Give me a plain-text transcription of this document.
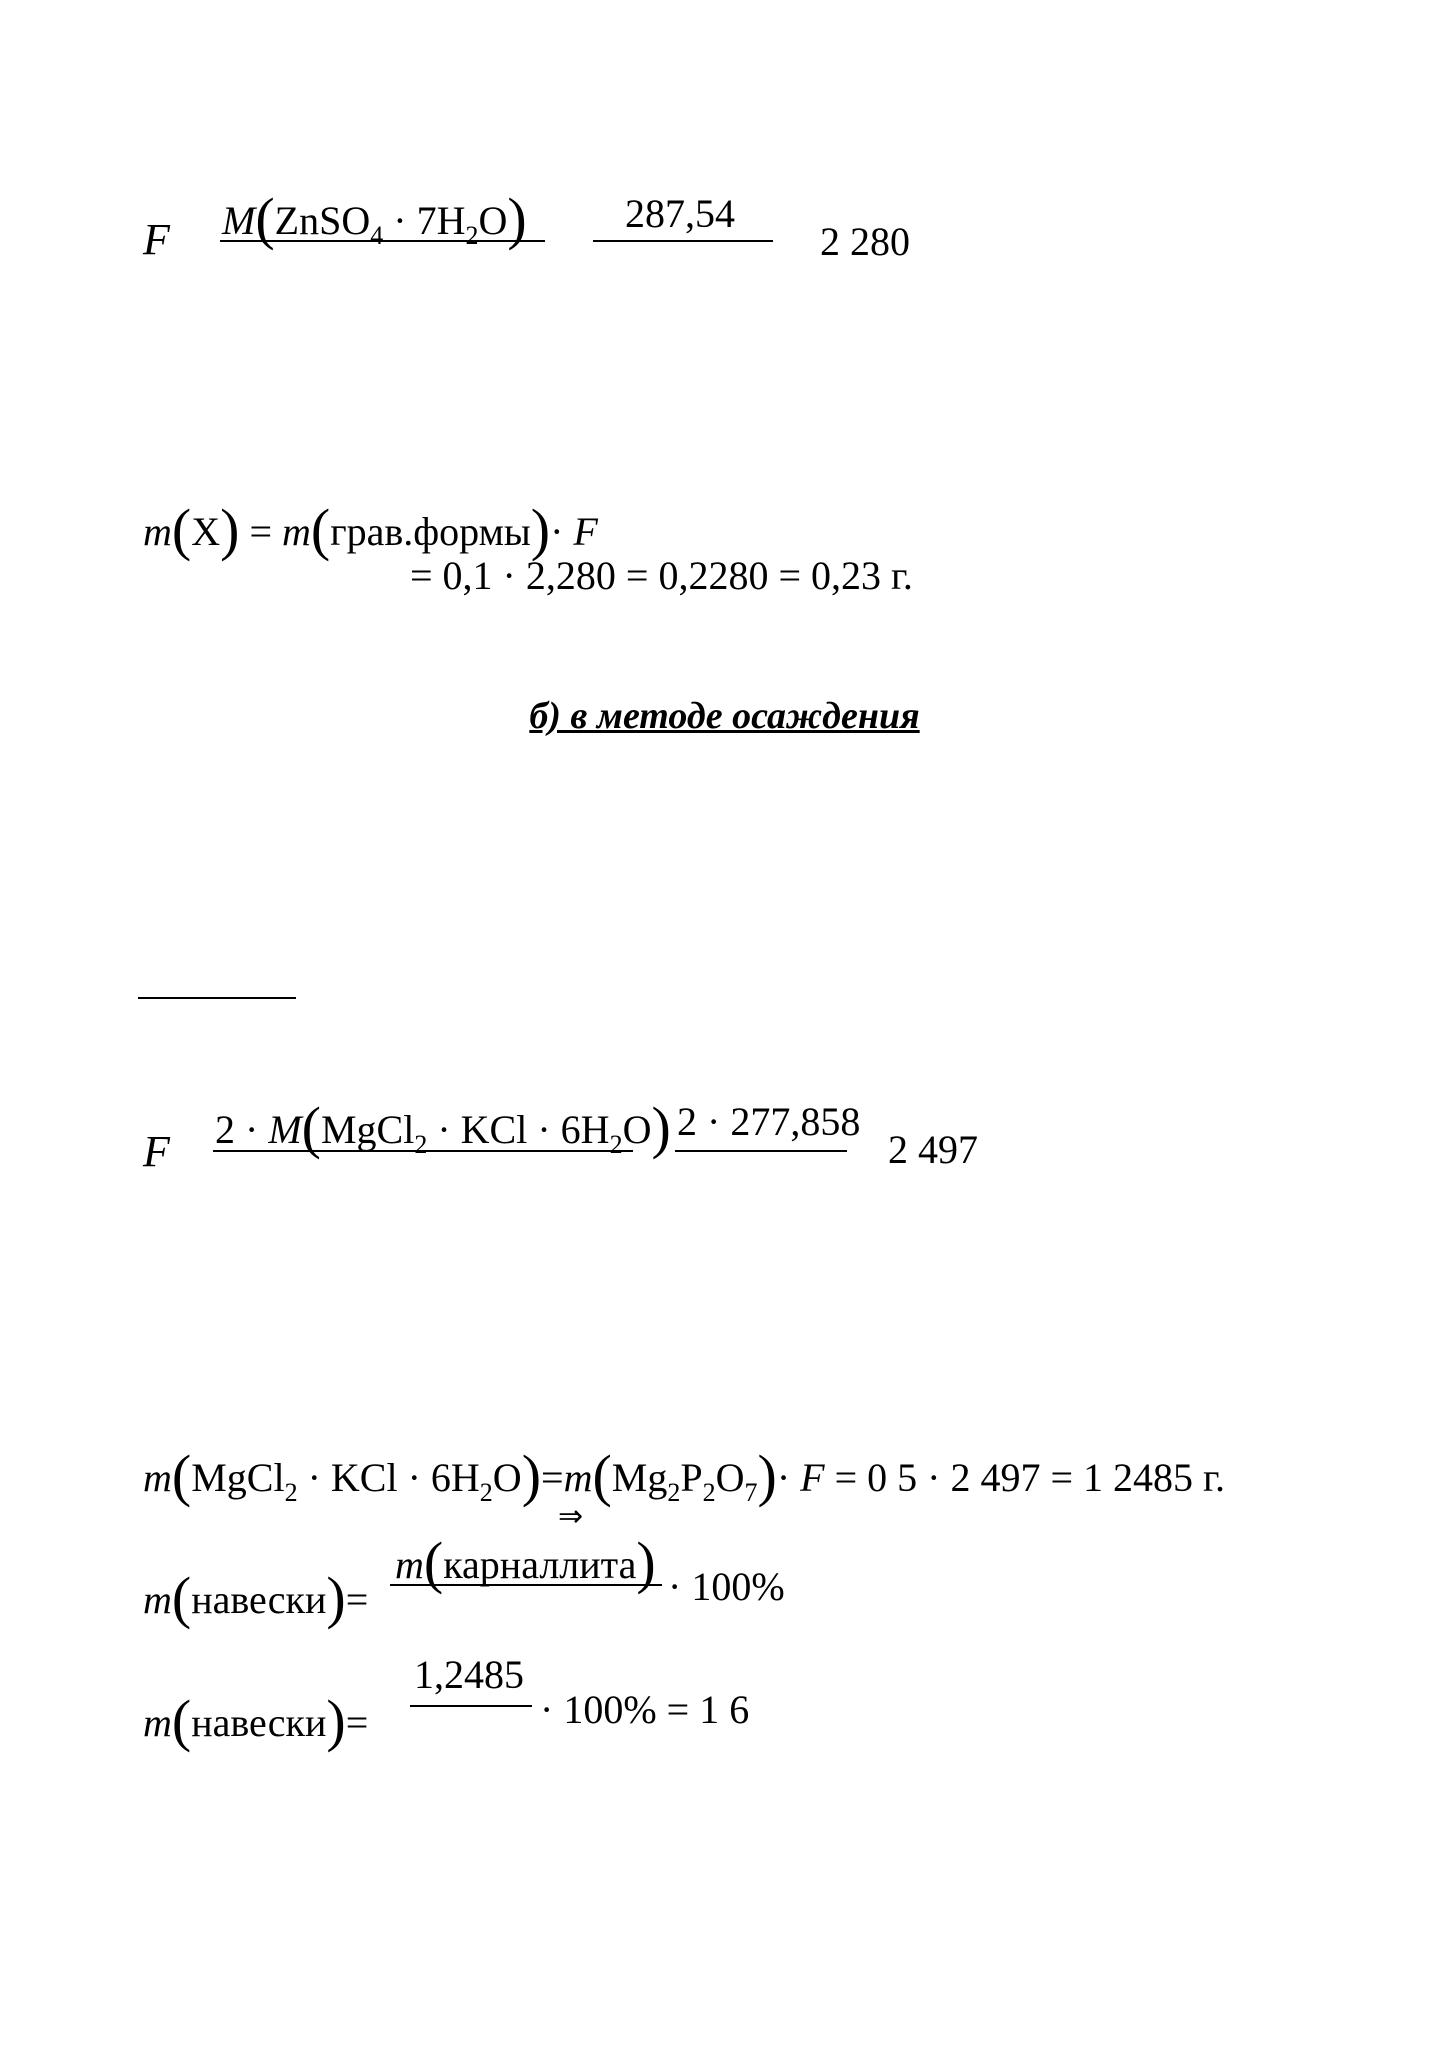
F M(ZnSO$_4$ · $7H_2O$) 287,54
2 280
m(X) = m(грав.формы)· F
= 0,1 · 2,280 = 0,2280 = 0,23 г.
б) в методе осаждения
F 2 · M(MgCl$_2$ · KCl · $6H_2O$) 2 · 277,858
2 497
m(MgCl$_2$ · KCl · $6H_2O)=m(Mg_2P_2O_7)\cdot F = 0$ 5 · 2 497 = 1 2485 г.
⇒
m(навески)=
m(карналлита) · 100%
m(навески)=
1,2485
· 100% = 1 6
